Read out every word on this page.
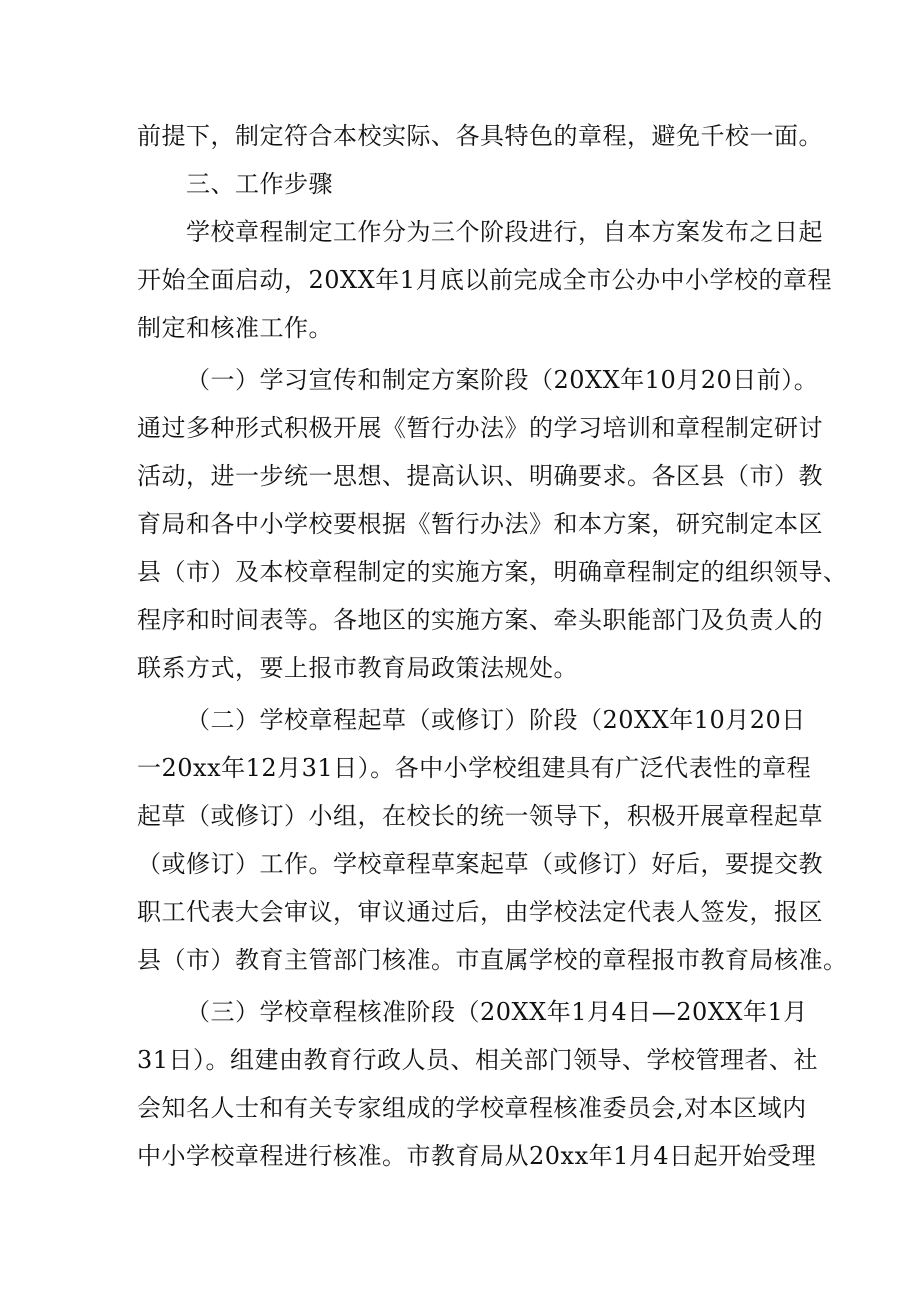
前提下，制定符合本校实际、各具特色的章程，避免千校一面。
三、工作步骤
学校章程制定工作分为三个阶段进行，自本方案发布之日起
开始全面启动，20XX年1月底以前完成全市公办中小学校的章程
制定和核准工作。
（一）学习宣传和制定方案阶段（20XX年10月20日前）。
通过多种形式积极开展《暂行办法》的学习培训和章程制定研讨
活动，进一步统一思想、提高认识、明确要求。各区县（市）教
育局和各中小学校要根据《暂行办法》和本方案，研究制定本区
县（市）及本校章程制定的实施方案，明确章程制定的组织领导、
程序和时间表等。各地区的实施方案、牵头职能部门及负责人的
联系方式，要上报市教育局政策法规处。
（二）学校章程起草（或修订）阶段（20XX年10月20日
一20xx年12月31日）。各中小学校组建具有广泛代表性的章程
起草（或修订）小组，在校长的统一领导下，积极开展章程起草
（或修订）工作。学校章程草案起草（或修订）好后，要提交教
职工代表大会审议，审议通过后，由学校法定代表人签发，报区
县（市）教育主管部门核准。市直属学校的章程报市教育局核准。
（三）学校章程核准阶段（20XX年1月4日—20XX年1月
31日）。组建由教育行政人员、相关部门领导、学校管理者、社
会知名人士和有关专家组成的学校章程核准委员会,对本区域内
中小学校章程进行核准。市教育局从20xx年1月4日起开始受理
